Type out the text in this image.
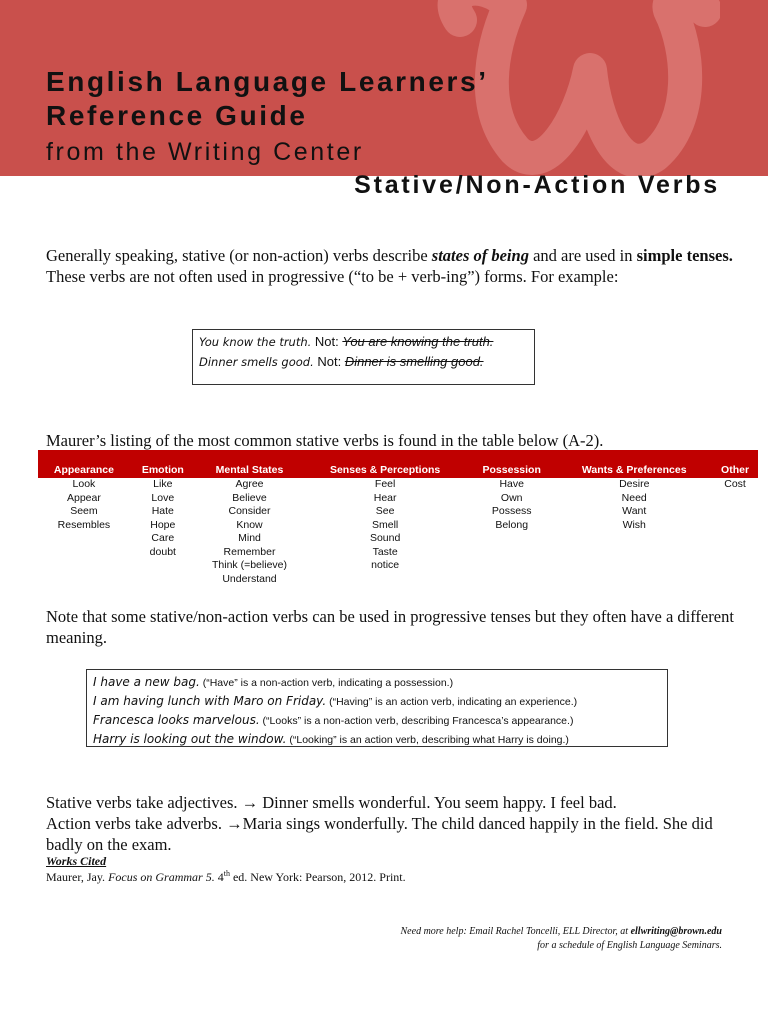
English Language Learners’
Reference Guide
from the Writing Center
Stative/Non-Action Verbs

Generally speaking, stative (or non-action) verbs describe states of being and are used in simple tenses. These verbs are not often used in progressive (“to be + verb-ing”) forms. For example:

You know the truth. Not: You are knowing the truth.
Dinner smells good. Not: Dinner is smelling good.

Maurer’s listing of the most common stative verbs is found in the table below (A-2).

Appearance	Emotion	Mental States	Senses & Perceptions	Possession	Wants & Preferences	Other
Look	Like	Agree	Feel	Have	Desire	Cost
Appear	Love	Believe	Hear	Own	Need	
Seem	Hate	Consider	See	Possess	Want	
Resembles	Hope	Know	Smell	Belong	Wish	
	Care	Mind	Sound			
	doubt	Remember	Taste			
		Think (=believe)	notice			
		Understand				

Note that some stative/non-action verbs can be used in progressive tenses but they often have a different meaning.

I have a new bag. (“Have” is a non-action verb, indicating a possession.)
I am having lunch with Maro on Friday. (“Having” is an action verb, indicating an experience.)
Francesca looks marvelous. (“Looks” is a non-action verb, describing Francesca’s appearance.)
Harry is looking out the window. (“Looking” is an action verb, describing what Harry is doing.)

Stative verbs take adjectives. → Dinner smells wonderful. You seem happy. I feel bad.
Action verbs take adverbs. →Maria sings wonderfully. The child danced happily in the field. She did badly on the exam.

Works Cited
Maurer, Jay. Focus on Grammar 5. 4th ed. New York: Pearson, 2012. Print.
Need more help: Email Rachel Toncelli, ELL Director, at ellwriting@brown.edu
for a schedule of English Language Seminars.
